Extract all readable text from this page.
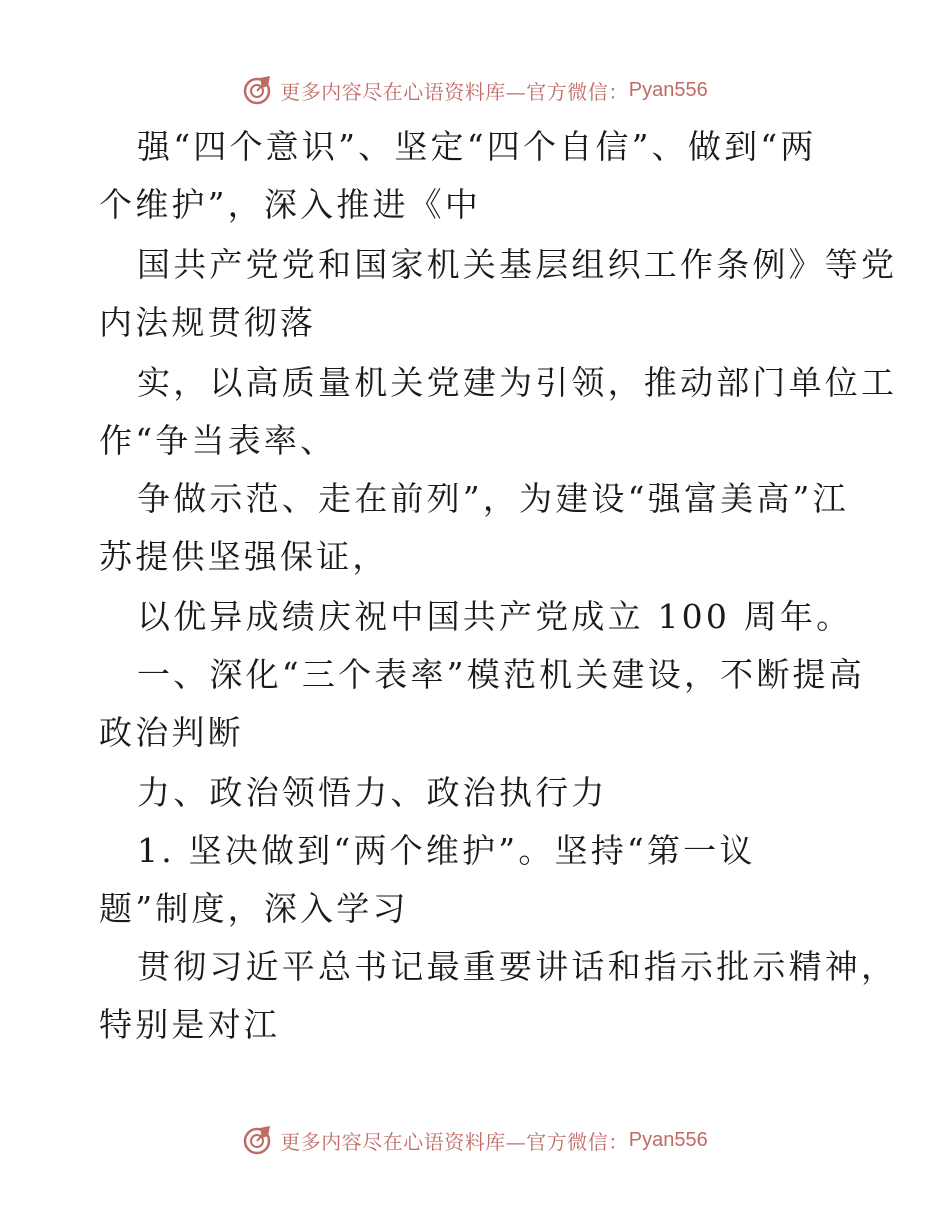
更多内容尽在心语资料库—官方微信： Pyan556
强“四个意识”、坚定“四个自信”、做到“两
个维护”，深入推进《中
国共产党党和国家机关基层组织工作条例》等党
内法规贯彻落
实，以高质量机关党建为引领，推动部门单位工
作“争当表率、
争做示范、走在前列”，为建设“强富美高”江
苏提供坚强保证，
以优异成绩庆祝中国共产党成立 100 周年。
一、深化“三个表率”模范机关建设，不断提高
政治判断
力、政治领悟力、政治执行力
1. 坚决做到“两个维护”。坚持“第一议
题”制度，深入学习
贯彻习近平总书记最重要讲话和指示批示精神，
特别是对江
更多内容尽在心语资料库—官方微信： Pyan556
